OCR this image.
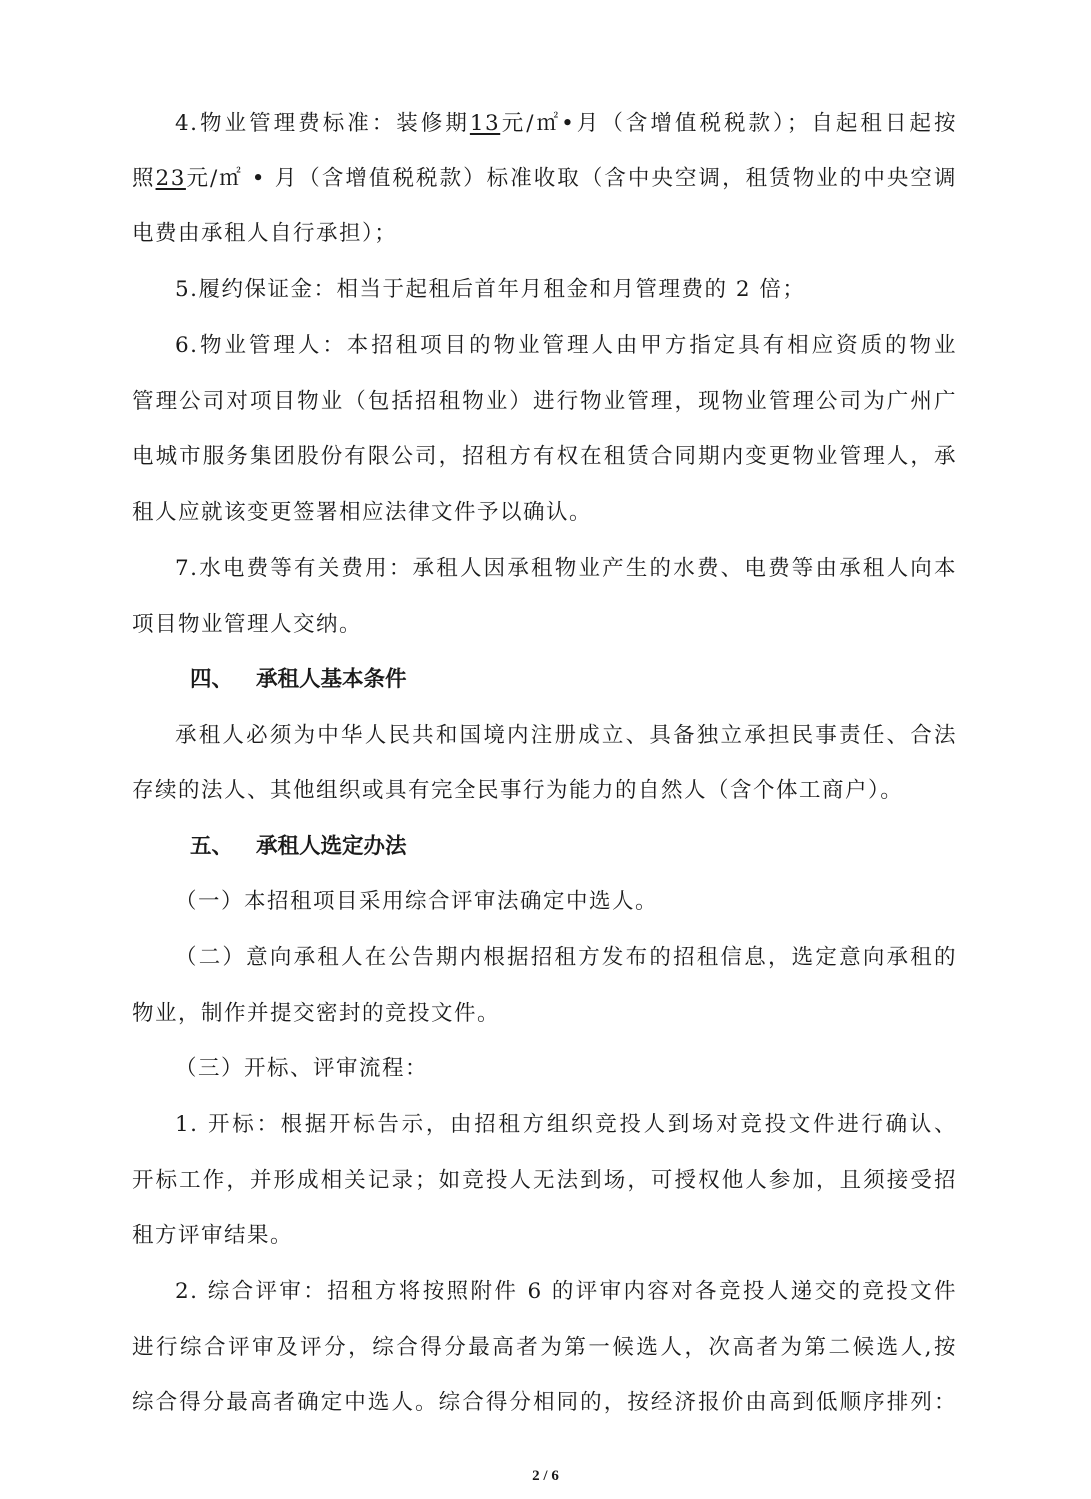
4.物业管理费标准：装修期13元/㎡•月（含增值税税款）；自起租日起按
照23元/㎡ • 月（含增值税税款）标准收取（含中央空调，租赁物业的中央空调
电费由承租人自行承担）；
5.履约保证金：相当于起租后首年月租金和月管理费的 2 倍；
6.物业管理人：本招租项目的物业管理人由甲方指定具有相应资质的物业
管理公司对项目物业（包括招租物业）进行物业管理，现物业管理公司为广州广
电城市服务集团股份有限公司，招租方有权在租赁合同期内变更物业管理人，承
租人应就该变更签署相应法律文件予以确认。
7.水电费等有关费用：承租人因承租物业产生的水费、电费等由承租人向本
项目物业管理人交纳。
四、 承租人基本条件
承租人必须为中华人民共和国境内注册成立、具备独立承担民事责任、合法
存续的法人、其他组织或具有完全民事行为能力的自然人（含个体工商户）。
五、 承租人选定办法
（一）本招租项目采用综合评审法确定中选人。
（二）意向承租人在公告期内根据招租方发布的招租信息，选定意向承租的
物业，制作并提交密封的竞投文件。
（三）开标、评审流程：
1. 开标：根据开标告示，由招租方组织竞投人到场对竞投文件进行确认、
开标工作，并形成相关记录；如竞投人无法到场，可授权他人参加，且须接受招
租方评审结果。
2. 综合评审：招租方将按照附件 6 的评审内容对各竞投人递交的竞投文件
进行综合评审及评分，综合得分最高者为第一候选人，次高者为第二候选人,按
综合得分最高者确定中选人。综合得分相同的，按经济报价由高到低顺序排列：
2 / 6
